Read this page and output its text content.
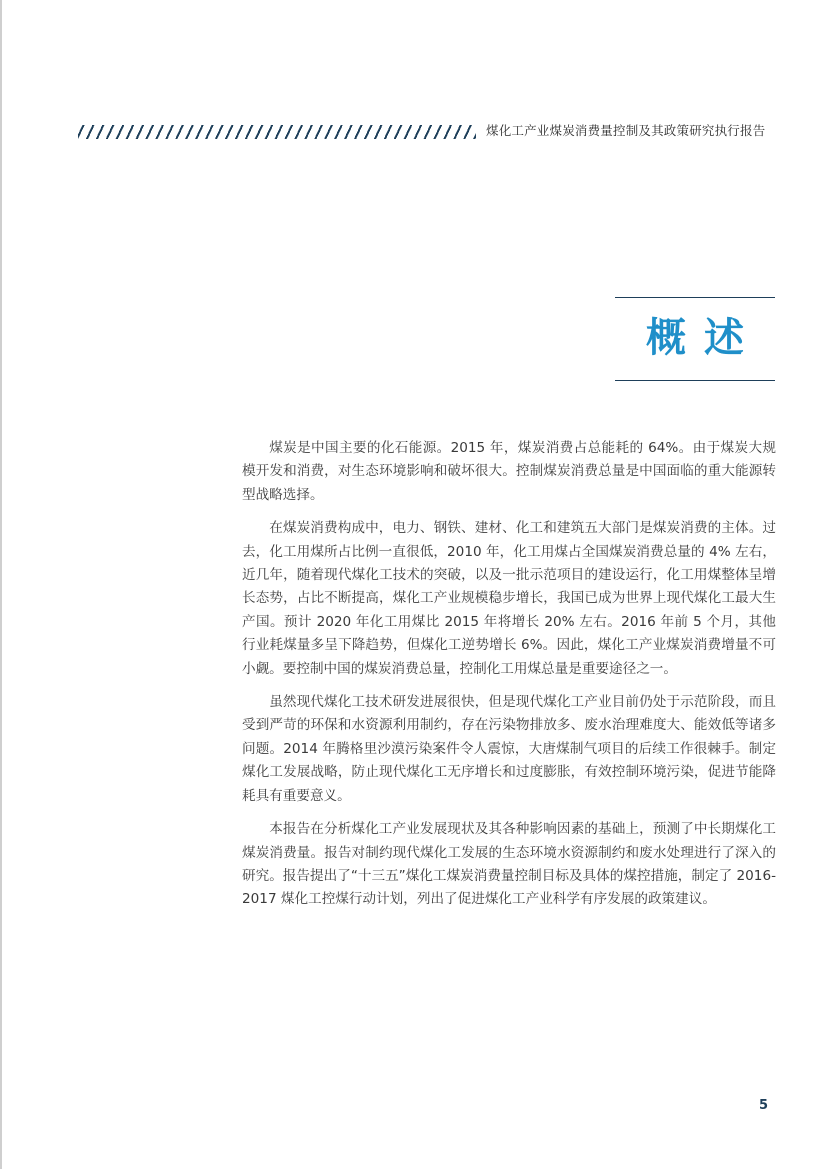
煤化工产业煤炭消费量控制及其政策研究执行报告
概述

煤炭是中国主要的化石能源。2015 年，煤炭消费占总能耗的 64%。由于煤炭大规模开发和消费，对生态环境影响和破坏很大。控制煤炭消费总量是中国面临的重大能源转型战略选择。

在煤炭消费构成中，电力、钢铁、建材、化工和建筑五大部门是煤炭消费的主体。过去，化工用煤所占比例一直很低，2010 年，化工用煤占全国煤炭消费总量的 4% 左右，近几年，随着现代煤化工技术的突破，以及一批示范项目的建设运行，化工用煤整体呈增长态势，占比不断提高，煤化工产业规模稳步增长，我国已成为世界上现代煤化工最大生产国。预计 2020 年化工用煤比 2015 年将增长 20% 左右。2016 年前 5 个月，其他行业耗煤量多呈下降趋势，但煤化工逆势增长 6%。因此，煤化工产业煤炭消费增量不可小觑。要控制中国的煤炭消费总量，控制化工用煤总量是重要途径之一。

虽然现代煤化工技术研发进展很快，但是现代煤化工产业目前仍处于示范阶段，而且受到严苛的环保和水资源利用制约，存在污染物排放多、废水治理难度大、能效低等诸多问题。2014 年腾格里沙漠污染案件令人震惊，大唐煤制气项目的后续工作很棘手。制定煤化工发展战略，防止现代煤化工无序增长和过度膨胀，有效控制环境污染，促进节能降耗具有重要意义。

本报告在分析煤化工产业发展现状及其各种影响因素的基础上，预测了中长期煤化工煤炭消费量。报告对制约现代煤化工发展的生态环境水资源制约和废水处理进行了深入的研究。报告提出了“十三五”煤化工煤炭消费量控制目标及具体的煤控措施，制定了 2016-2017 煤化工控煤行动计划，列出了促进煤化工产业科学有序发展的政策建议。

5
